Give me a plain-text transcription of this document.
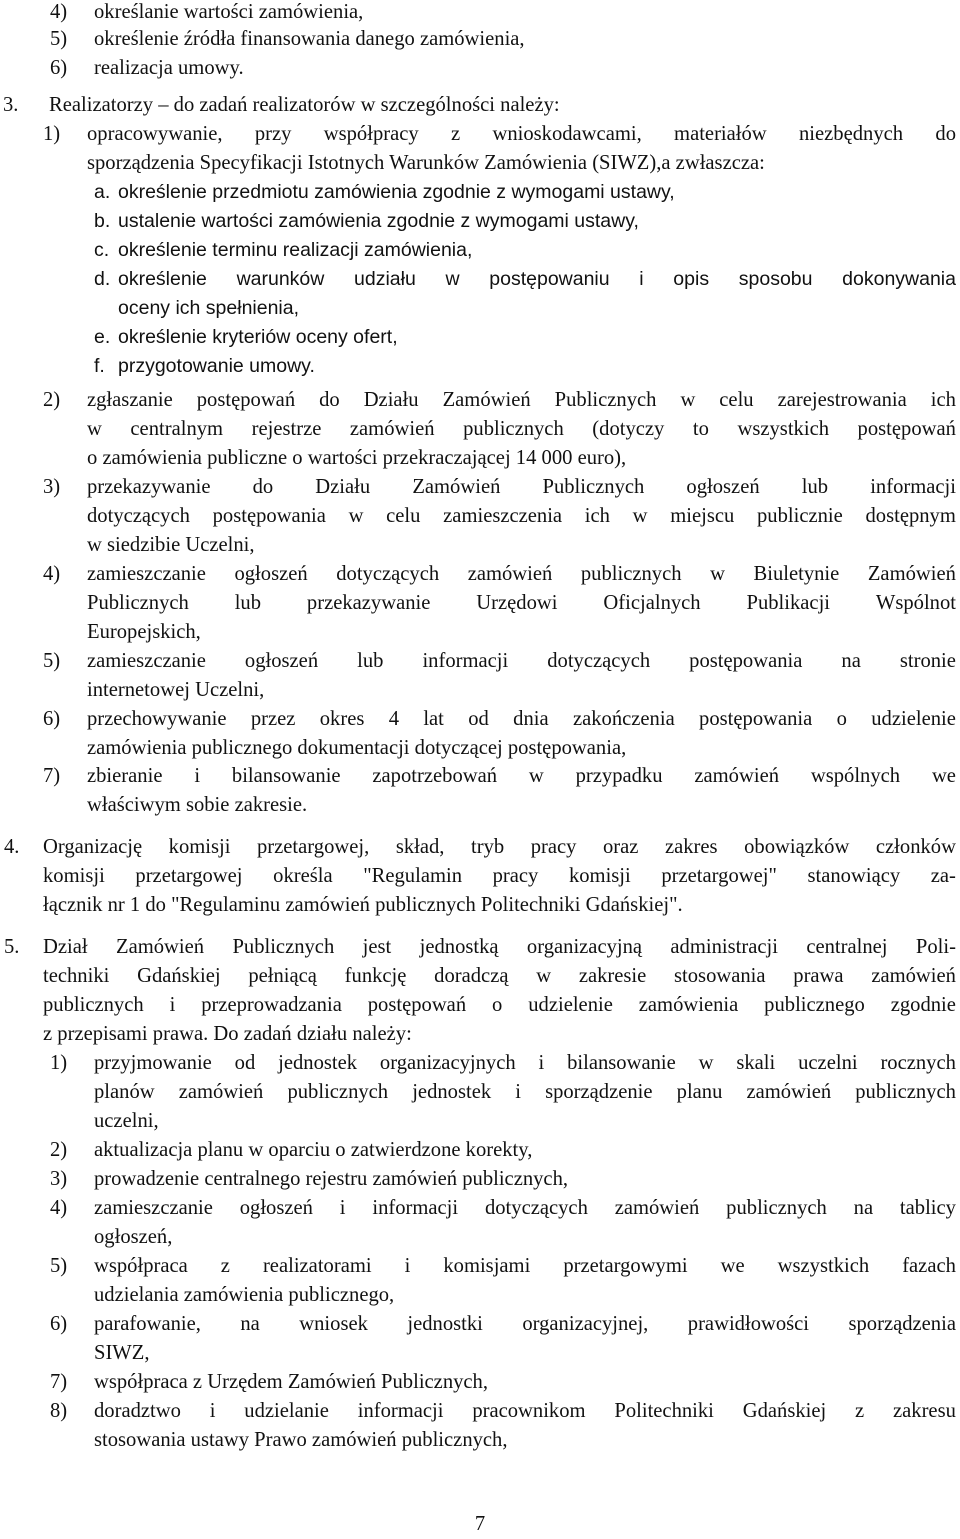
4) określanie wartości zamówienia,
5) określenie źródła finansowania danego zamówienia,
6) realizacja umowy.
3. Realizatorzy – do zadań realizatorów w szczególności należy:
1) opracowywanie, przy współpracy z wnioskodawcami, materiałów niezbędnych do
sporządzenia Specyfikacji Istotnych Warunków Zamówienia (SIWZ),a zwłaszcza:
a. określenie przedmiotu zamówienia zgodnie z wymogami ustawy,
b. ustalenie wartości zamówienia zgodnie z wymogami ustawy,
c. określenie terminu realizacji zamówienia,
d. określenie warunków udziału w postępowaniu i opis sposobu dokonywania
oceny ich spełnienia,
e. określenie kryteriów oceny ofert,
f. przygotowanie umowy.
2) zgłaszanie postępowań do Działu Zamówień Publicznych w celu zarejestrowania ich
w centralnym rejestrze zamówień publicznych (dotyczy to wszystkich postępowań
o zamówienia publiczne o wartości przekraczającej 14 000 euro),
3) przekazywanie do Działu Zamówień Publicznych ogłoszeń lub informacji
dotyczących postępowania w celu zamieszczenia ich w miejscu publicznie dostępnym
w siedzibie Uczelni,
4) zamieszczanie ogłoszeń dotyczących zamówień publicznych w Biuletynie Zamówień
Publicznych lub przekazywanie Urzędowi Oficjalnych Publikacji Wspólnot
Europejskich,
5) zamieszczanie ogłoszeń lub informacji dotyczących postępowania na stronie
internetowej Uczelni,
6) przechowywanie przez okres 4 lat od dnia zakończenia postępowania o udzielenie
zamówienia publicznego dokumentacji dotyczącej postępowania,
7) zbieranie i bilansowanie zapotrzebowań w przypadku zamówień wspólnych we
właściwym sobie zakresie.
4. Organizację komisji przetargowej, skład, tryb pracy oraz zakres obowiązków członków
komisji przetargowej określa "Regulamin pracy komisji przetargowej" stanowiący za-
łącznik nr 1 do "Regulaminu zamówień publicznych Politechniki Gdańskiej".
5. Dział Zamówień Publicznych jest jednostką organizacyjną administracji centralnej Poli-
techniki Gdańskiej pełniącą funkcję doradczą w zakresie stosowania prawa zamówień
publicznych i przeprowadzania postępowań o udzielenie zamówienia publicznego zgodnie
z przepisami prawa. Do zadań działu należy:
1) przyjmowanie od jednostek organizacyjnych i bilansowanie w skali uczelni rocznych
planów zamówień publicznych jednostek i sporządzenie planu zamówień publicznych
uczelni,
2) aktualizacja planu w oparciu o zatwierdzone korekty,
3) prowadzenie centralnego rejestru zamówień publicznych,
4) zamieszczanie ogłoszeń i informacji dotyczących zamówień publicznych na tablicy
ogłoszeń,
5) współpraca z realizatorami i komisjami przetargowymi we wszystkich fazach
udzielania zamówienia publicznego,
6) parafowanie, na wniosek jednostki organizacyjnej, prawidłowości sporządzenia
SIWZ,
7) współpraca z Urzędem Zamówień Publicznych,
8) doradztwo i udzielanie informacji pracownikom Politechniki Gdańskiej z zakresu
stosowania ustawy Prawo zamówień publicznych,
7
